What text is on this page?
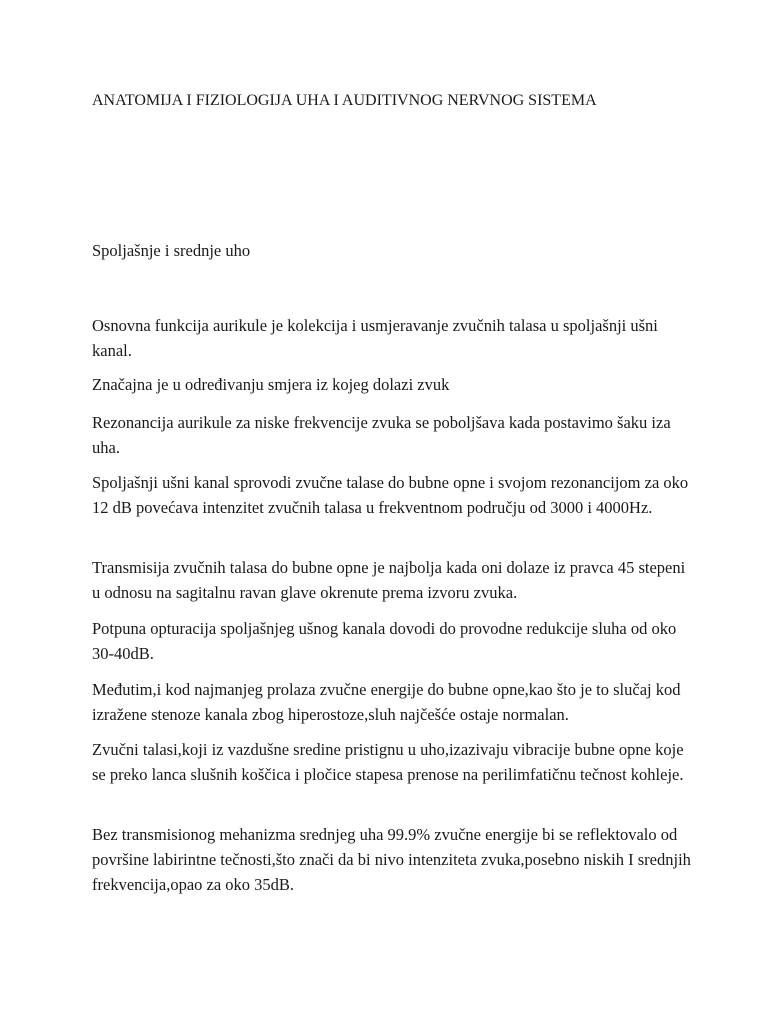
ANATOMIJA I FIZIOLOGIJA UHA I AUDITIVNOG NERVNOG SISTEMA
Spoljašnje i srednje uho

Osnovna funkcija aurikule je kolekcija i usmjeravanje zvučnih talasa u spoljašnji ušni kanal.

Značajna je u određivanju smjera iz kojeg dolazi zvuk

Rezonancija aurikule za niske frekvencije zvuka se poboljšava kada postavimo šaku iza uha.

Spoljašnji ušni kanal sprovodi zvučne talase do bubne opne i svojom rezonancijom za oko 12 dB povećava intenzitet zvučnih talasa u frekventnom području od 3000 i 4000Hz.

Transmisija zvučnih talasa do bubne opne je najbolja kada oni dolaze iz pravca 45 stepeni u odnosu na sagitalnu ravan glave okrenute prema izvoru zvuka.

Potpuna opturacija spoljašnjeg ušnog kanala dovodi do provodne redukcije sluha od oko 30-40dB.

Međutim,i kod najmanjeg prolaza zvučne energije do bubne opne,kao što je to slučaj kod izražene stenoze kanala zbog hiperostoze,sluh najčešće ostaje normalan.

Zvučni talasi,koji iz vazdušne sredine pristignu u uho,izazivaju vibracije bubne opne koje se preko lanca slušnih koščica i pločice stapesa prenose na perilimfatičnu tečnost kohleje.

Bez transmisionog mehanizma srednjeg uha 99.9% zvučne energije bi se reflektovalo od površine labirintne tečnosti,što znači da bi nivo intenziteta zvuka,posebno niskih I srednjih frekvencija,opao za oko 35dB.
